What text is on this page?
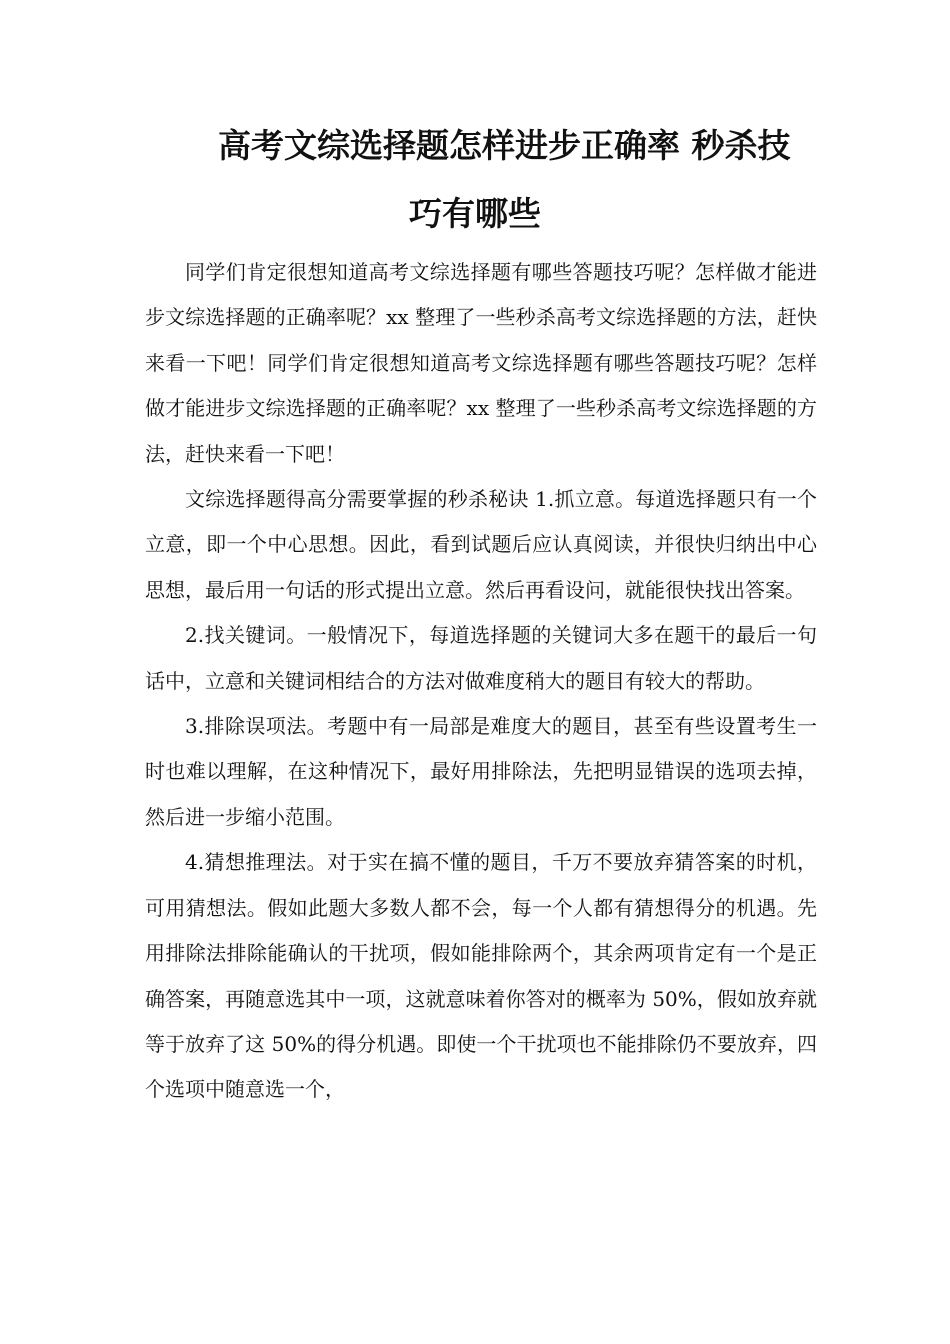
高考文综选择题怎样进步正确率 秒杀技
巧有哪些

同学们肯定很想知道高考文综选择题有哪些答题技巧呢？怎样做才能进步文综选择题的正确率呢？xx 整理了一些秒杀高考文综选择题的方法，赶快来看一下吧！同学们肯定很想知道高考文综选择题有哪些答题技巧呢？怎样做才能进步文综选择题的正确率呢？xx 整理了一些秒杀高考文综选择题的方法，赶快来看一下吧！

文综选择题得高分需要掌握的秒杀秘诀 1.抓立意。每道选择题只有一个立意，即一个中心思想。因此，看到试题后应认真阅读，并很快归纳出中心思想，最后用一句话的形式提出立意。然后再看设问，就能很快找出答案。

2.找关键词。一般情况下，每道选择题的关键词大多在题干的最后一句话中，立意和关键词相结合的方法对做难度稍大的题目有较大的帮助。

3.排除误项法。考题中有一局部是难度大的题目，甚至有些设置考生一时也难以理解，在这种情况下，最好用排除法，先把明显错误的选项去掉，然后进一步缩小范围。

4.猜想推理法。对于实在搞不懂的题目，千万不要放弃猜答案的时机，可用猜想法。假如此题大多数人都不会，每一个人都有猜想得分的机遇。先用排除法排除能确认的干扰项，假如能排除两个，其余两项肯定有一个是正确答案，再随意选其中一项，这就意味着你答对的概率为 50%，假如放弃就等于放弃了这 50%的得分机遇。即使一个干扰项也不能排除仍不要放弃，四个选项中随意选一个，
